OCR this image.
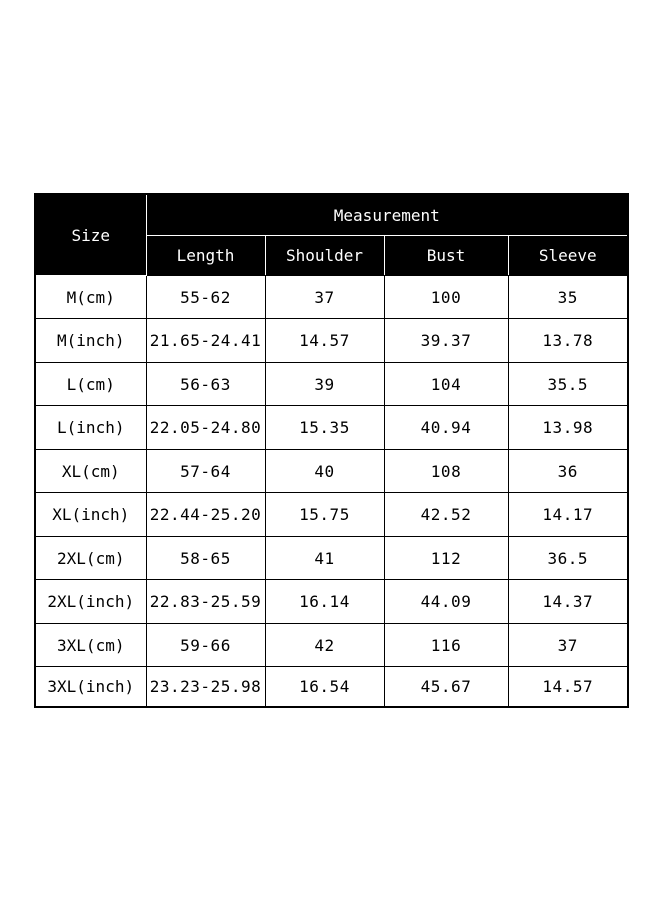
Size	Measurement			
	Length	Shoulder	Bust	Sleeve
M(cm)	55-62	37	100	35
M(inch)	21.65-24.41	14.57	39.37	13.78
L(cm)	56-63	39	104	35.5
L(inch)	22.05-24.80	15.35	40.94	13.98
XL(cm)	57-64	40	108	36
XL(inch)	22.44-25.20	15.75	42.52	14.17
2XL(cm)	58-65	41	112	36.5
2XL(inch)	22.83-25.59	16.14	44.09	14.37
3XL(cm)	59-66	42	116	37
3XL(inch)	23.23-25.98	16.54	45.67	14.57
